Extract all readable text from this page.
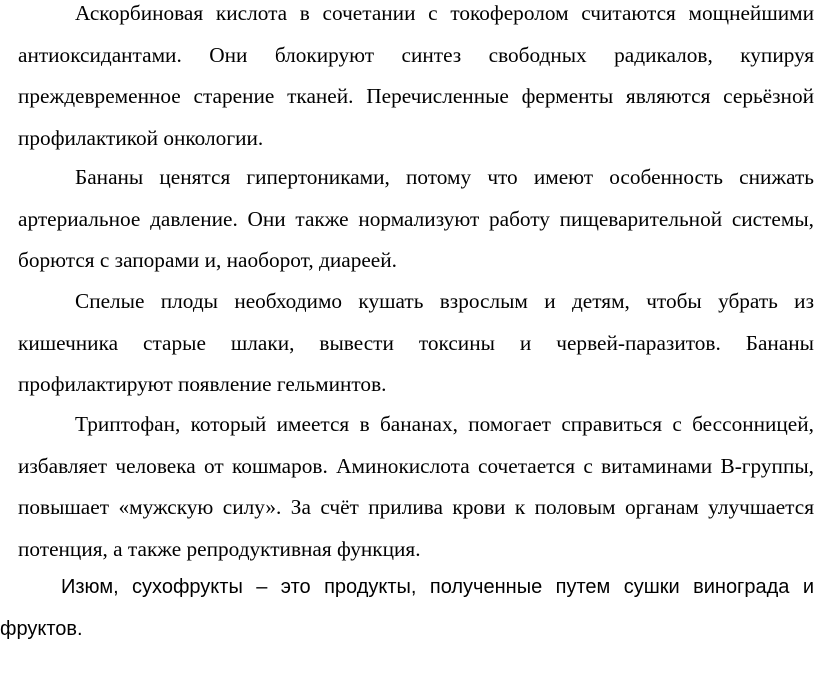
Аскорбиновая кислота в сочетании с токоферолом считаются мощнейшими антиоксидантами. Они блокируют синтез свободных радикалов, купируя преждевременное старение тканей. Перечисленные ферменты являются серьёзной профилактикой онкологии.

Бананы ценятся гипертониками, потому что имеют особенность снижать артериальное давление. Они также нормализуют работу пищеварительной системы, борются с запорами и, наоборот, диареей.

Спелые плоды необходимо кушать взрослым и детям, чтобы убрать из кишечника старые шлаки, вывести токсины и червей-паразитов. Бананы профилактируют появление гельминтов.

Триптофан, который имеется в бананах, помогает справиться с бессонницей, избавляет человека от кошмаров. Аминокислота сочетается с витаминами В-группы, повышает «мужскую силу». За счёт прилива крови к половым органам улучшается потенция, а также репродуктивная функция.

Изюм, сухофрукты – это продукты, полученные путем сушки винограда и фруктов.
